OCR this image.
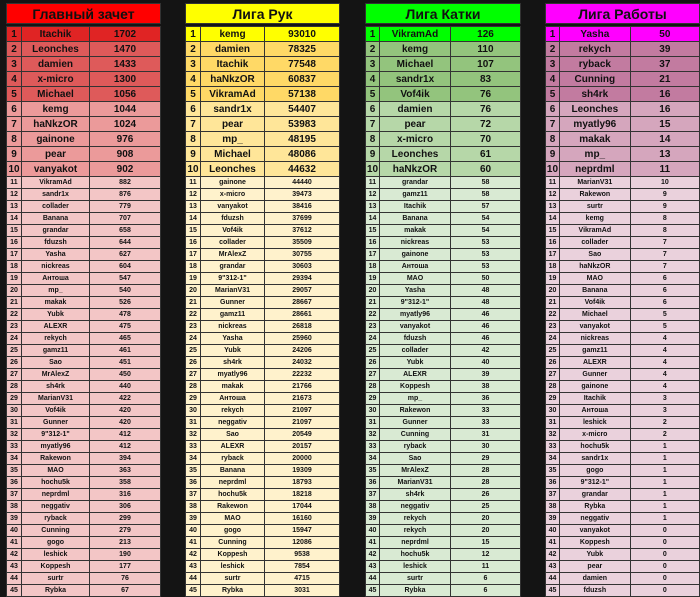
Главный зачет		

1	Itachik	1702
2	Leonches	1470
3	damien	1433
4	x-micro	1300
5	Michael	1056
6	kemg	1044
7	haNkzOR	1024
8	gainone	976
9	pear	908
10	vanyakot	902
11	VikramAd	882
12	sandr1x	876
13	collader	779
14	Banana	707
15	grandar	658
16	fduzsh	644
17	Yasha	627
18	nickreas	604
19	Антоша	547
20	mp_	540
21	makak	526
22	Yubk	478
23	ALEXR	475
24	rekych	465
25	gamz11	461
26	Sao	451
27	MrAlexZ	450
28	sh4rk	440
29	MarianV31	422
30	Vof4ik	420
31	Gunner	420
32	9"312-1"	412
33	myatly96	412
34	Rakewon	394
35	MAO	363
36	hochu5k	358
37	neprdml	316
38	neggativ	306
39	ryback	299
40	Cunning	279
41	gogo	213
42	leshick	190
43	Koppesh	177
44	surtr	76
45	Rybka	67
Лига Рук		

1	kemg	93010
2	damien	78325
3	Itachik	77548
4	haNkzOR	60837
5	VikramAd	57138
6	sandr1x	54407
7	pear	53983
8	mp_	48195
9	Michael	48086
10	Leonches	44632
11	gainone	44440
12	x-micro	39473
13	vanyakot	38416
14	fduzsh	37699
15	Vof4ik	37612
16	collader	35509
17	MrAlexZ	30755
18	grandar	30603
19	9"312-1"	29394
20	MarianV31	29057
21	Gunner	28667
22	gamz11	28661
23	nickreas	26818
24	Yasha	25960
25	Yubk	24206
26	sh4rk	24032
27	myatly96	22232
28	makak	21766
29	Антоша	21673
30	rekych	21097
31	neggativ	21097
32	Sao	20549
33	ALEXR	20157
34	ryback	20000
35	Banana	19309
36	neprdml	18793
37	hochu5k	18218
38	Rakewon	17044
39	MAO	16160
40	gogo	15947
41	Cunning	12086
42	Koppesh	9538
43	leshick	7854
44	surtr	4715
45	Rybka	3031
Лига Катки		

1	VikramAd	126
2	kemg	110
3	Michael	107
4	sandr1x	83
5	Vof4ik	76
6	damien	76
7	pear	72
8	x-micro	70
9	Leonches	61
10	haNkzOR	60
11	grandar	58
12	gamz11	58
13	Itachik	57
14	Banana	54
15	makak	54
16	nickreas	53
17	gainone	53
18	Антоша	53
19	MAO	50
20	Yasha	48
21	9"312-1"	48
22	myatly96	46
23	vanyakot	46
24	fduzsh	46
25	collader	42
26	Yubk	40
27	ALEXR	39
28	Koppesh	38
29	mp_	36
30	Rakewon	33
31	Gunner	33
32	Cunning	31
33	ryback	30
34	Sao	29
35	MrAlexZ	28
36	MarianV31	28
37	sh4rk	26
38	neggativ	25
39	rekych	20
40	rekych	20
41	neprdml	15
42	hochu5k	12
43	leshick	11
44	surtr	6
45	Rybka	6
Лига Работы		

1	Yasha	50
2	rekych	39
3	ryback	37
4	Cunning	21
5	sh4rk	16
6	Leonches	16
7	myatly96	15
8	makak	14
9	mp_	13
10	neprdml	11
11	MarianV31	10
12	Rakewon	9
13	surtr	9
14	kemg	8
15	VikramAd	8
16	collader	7
17	Sao	7
18	haNkzOR	7
19	MAO	6
20	Banana	6
21	Vof4ik	6
22	Michael	5
23	vanyakot	5
24	nickreas	4
25	gamz11	4
26	ALEXR	4
27	Gunner	4
28	gainone	4
29	Itachik	3
30	Антоша	3
31	leshick	2
32	x-micro	2
33	hochu5k	1
34	sandr1x	1
35	gogo	1
36	9"312-1"	1
37	grandar	1
38	Rybka	1
39	neggativ	1
40	vanyakot	0
41	Koppesh	0
42	Yubk	0
43	pear	0
44	damien	0
45	fduzsh	0
